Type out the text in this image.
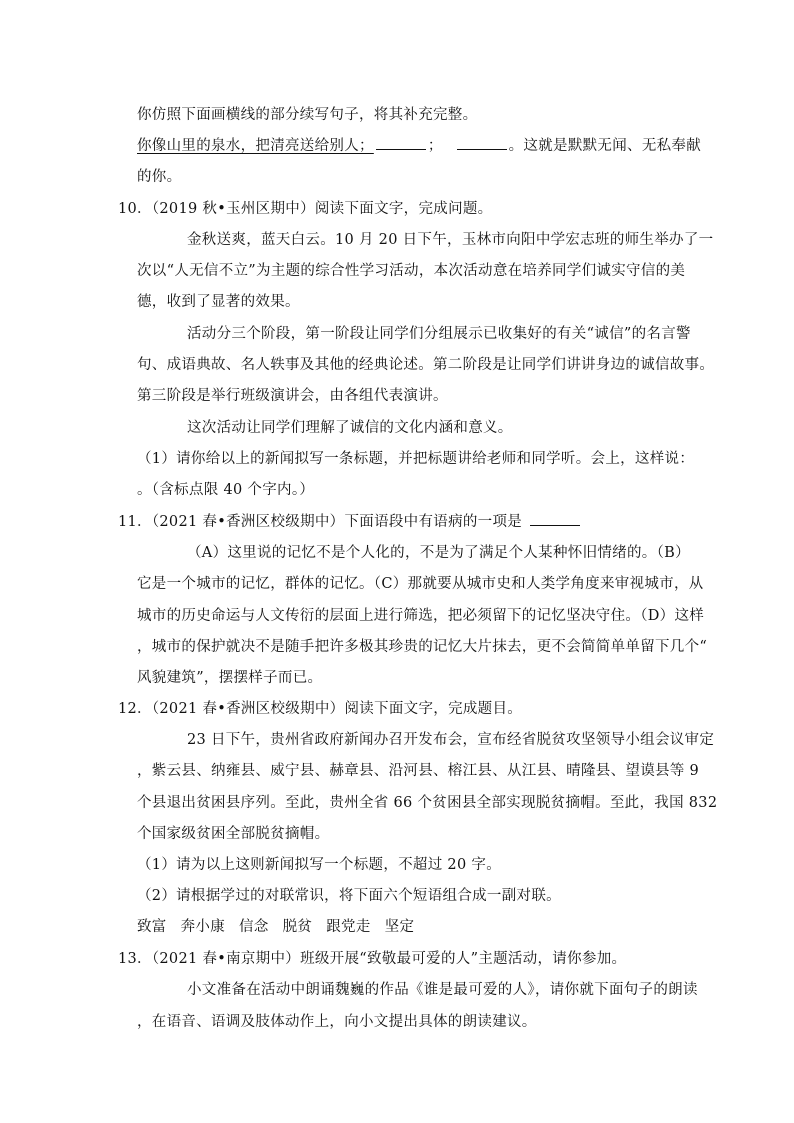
你仿照下面画横线的部分续写句子，将其补充完整。
你像山里的泉水，把清亮送给别人；	；	。这就是默默无闻、无私奉献
的你。
10．（2019 秋•玉州区期中）阅读下面文字，完成问题。
金秋送爽，蓝天白云。10 月 20 日下午，玉林市向阳中学宏志班的师生举办了一
次以“人无信不立”为主题的综合性学习活动，本次活动意在培养同学们诚实守信的美
德，收到了显著的效果。
活动分三个阶段，第一阶段让同学们分组展示已收集好的有关“诚信”的名言警
句、成语典故、名人轶事及其他的经典论述。第二阶段是让同学们讲讲身边的诚信故事。
第三阶段是举行班级演讲会，由各组代表演讲。
这次活动让同学们理解了诚信的文化内涵和意义。
（1）请你给以上的新闻拟写一条标题，并把标题讲给老师和同学听。会上，这样说：
。（含标点限 40 个字内。）
11．（2021 春•香洲区校级期中）下面语段中有语病的一项是
（A）这里说的记忆不是个人化的，不是为了满足个人某种怀旧情绪的。（B）
它是一个城市的记忆，群体的记忆。（C）那就要从城市史和人类学角度来审视城市，从
城市的历史命运与人文传衍的层面上进行筛选，把必须留下的记忆坚决守住。（D）这样
，城市的保护就决不是随手把许多极其珍贵的记忆大片抹去，更不会简简单单留下几个“
风貌建筑”，摆摆样子而已。
12．（2021 春•香洲区校级期中）阅读下面文字，完成题目。
23 日下午，贵州省政府新闻办召开发布会，宣布经省脱贫攻坚领导小组会议审定
，紫云县、纳雍县、威宁县、赫章县、沿河县、榕江县、从江县、晴隆县、望谟县等 9
个县退出贫困县序列。至此，贵州全省 66 个贫困县全部实现脱贫摘帽。至此，我国 832
个国家级贫困全部脱贫摘帽。
（1）请为以上这则新闻拟写一个标题，不超过 20 字。
（2）请根据学过的对联常识，将下面六个短语组合成一副对联。
致富 奔小康 信念 脱贫 跟党走 坚定
13．（2021 春•南京期中）班级开展“致敬最可爱的人”主题活动，请你参加。
小文准备在活动中朗诵魏巍的作品《谁是最可爱的人》，请你就下面句子的朗读
，在语音、语调及肢体动作上，向小文提出具体的朗读建议。
